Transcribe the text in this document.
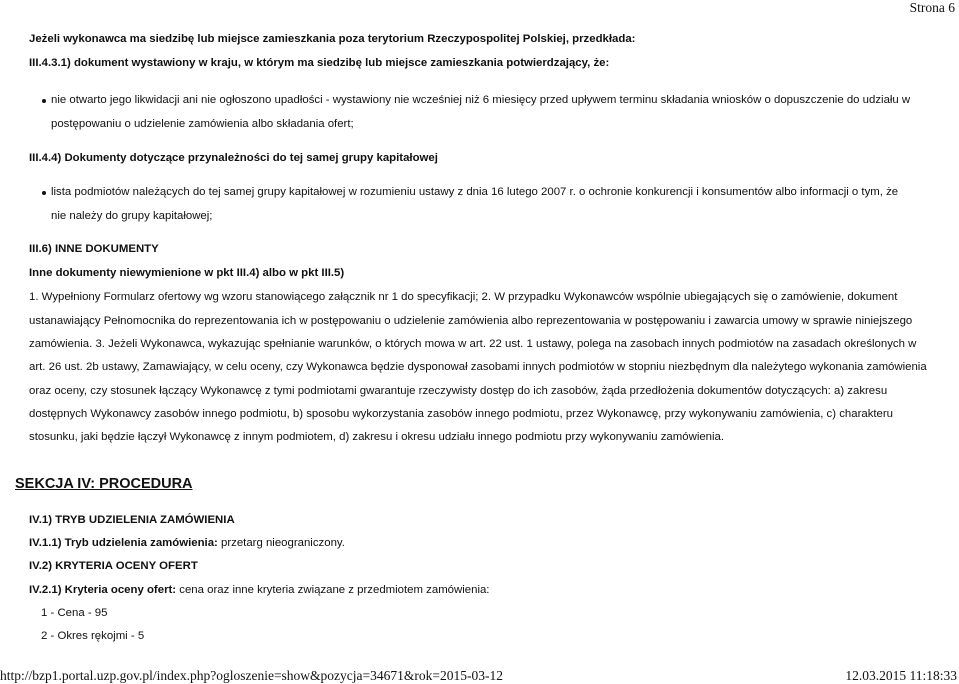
Strona 6
Jeżeli wykonawca ma siedzibę lub miejsce zamieszkania poza terytorium Rzeczypospolitej Polskiej, przedkłada:
III.4.3.1) dokument wystawiony w kraju, w którym ma siedzibę lub miejsce zamieszkania potwierdzający, że:
nie otwarto jego likwidacji ani nie ogłoszono upadłości - wystawiony nie wcześniej niż 6 miesięcy przed upływem terminu składania wniosków o dopuszczenie do udziału w
postępowaniu o udzielenie zamówienia albo składania ofert;
III.4.4) Dokumenty dotyczące przynależności do tej samej grupy kapitałowej
lista podmiotów należących do tej samej grupy kapitałowej w rozumieniu ustawy z dnia 16 lutego 2007 r. o ochronie konkurencji i konsumentów albo informacji o tym, że
nie należy do grupy kapitałowej;
III.6) INNE DOKUMENTY
Inne dokumenty niewymienione w pkt III.4) albo w pkt III.5)
1. Wypełniony Formularz ofertowy wg wzoru stanowiącego załącznik nr 1 do specyfikacji; 2. W przypadku Wykonawców wspólnie ubiegających się o zamówienie, dokument
ustanawiający Pełnomocnika do reprezentowania ich w postępowaniu o udzielenie zamówienia albo reprezentowania w postępowaniu i zawarcia umowy w sprawie niniejszego
zamówienia. 3. Jeżeli Wykonawca, wykazując spełnianie warunków, o których mowa w art. 22 ust. 1 ustawy, polega na zasobach innych podmiotów na zasadach określonych w
art. 26 ust. 2b ustawy, Zamawiający, w celu oceny, czy Wykonawca będzie dysponował zasobami innych podmiotów w stopniu niezbędnym dla należytego wykonania zamówienia
oraz oceny, czy stosunek łączący Wykonawcę z tymi podmiotami gwarantuje rzeczywisty dostęp do ich zasobów, żąda przedłożenia dokumentów dotyczących: a) zakresu
dostępnych Wykonawcy zasobów innego podmiotu, b) sposobu wykorzystania zasobów innego podmiotu, przez Wykonawcę, przy wykonywaniu zamówienia, c) charakteru
stosunku, jaki będzie łączył Wykonawcę z innym podmiotem, d) zakresu i okresu udziału innego podmiotu przy wykonywaniu zamówienia.
SEKCJA IV: PROCEDURA
IV.1) TRYB UDZIELENIA ZAMÓWIENIA
IV.1.1) Tryb udzielenia zamówienia: przetarg nieograniczony.
IV.2) KRYTERIA OCENY OFERT
IV.2.1) Kryteria oceny ofert: cena oraz inne kryteria związane z przedmiotem zamówienia:
1 - Cena - 95
2 - Okres rękojmi - 5
http://bzp1.portal.uzp.gov.pl/index.php?ogloszenie=show&pozycja=34671&rok=2015-03-12	12.03.2015 11:18:33
